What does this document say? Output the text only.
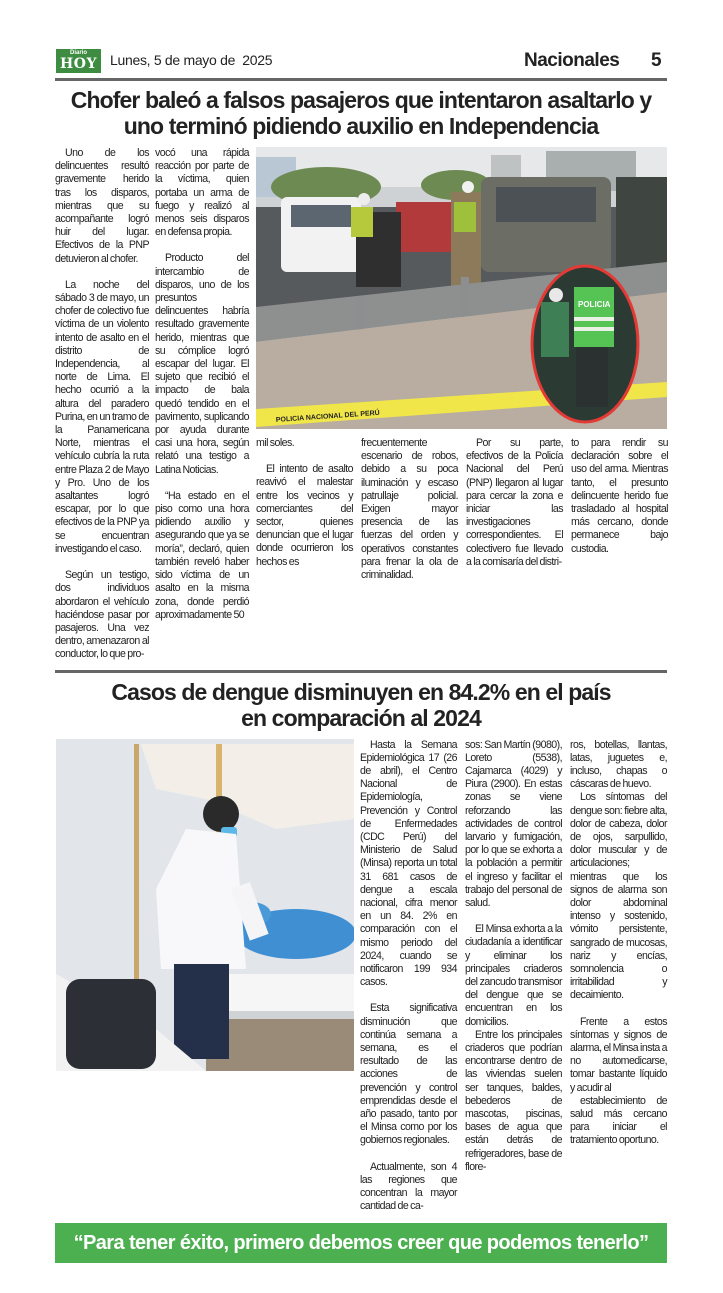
Diario
HOY Lunes, 5 de mayo de  2025	Nacionales 5
Chofer baleó a falsos pasajeros que intentaron asaltarlo y
uno terminó pidiendo auxilio en Independencia

Uno de los delincuentes resultó gravemente herido tras los disparos, mientras que su acompañante logró huir del lugar. Efectivos de la PNP detuvieron al chofer.

La noche del sábado 3 de mayo, un chofer de colectivo fue víctima de un violento intento de asalto en el distrito de Independencia, al norte de Lima. El hecho ocurrió a la altura del paradero Purina, en un tramo de la Panamericana Norte, mientras el vehículo cubría la ruta entre Plaza 2 de Mayo y Pro. Uno de los asaltantes logró escapar, por lo que efectivos de la PNP ya se encuentran investigando el caso.

Según un testigo, dos individuos abordaron el vehículo haciéndose pasar por pasajeros. Una vez dentro, amenazaron al conductor, lo que pro-

vocó una rápida reacción por parte de la víctima, quien portaba un arma de fuego y realizó al menos seis disparos en defensa propia.

Producto del intercambio de disparos, uno de los presuntos delincuentes habría resultado gravemente herido, mientras que su cómplice logró escapar del lugar. El sujeto que recibió el impacto de bala quedó tendido en el pavimento, suplicando por ayuda durante casi una hora, según relató una testigo a Latina Noticias.

“Ha estado en el piso como una hora pidiendo auxilio y asegurando que ya se moría”, declaró, quien también reveló haber sido víctima de un asalto en la misma zona, donde perdió aproximadamente 50

POLICIA NACIONAL DEL PERÚ
POLICIA

mil soles.

El intento de asalto reavivó el malestar entre los vecinos y comerciantes del sector, quienes denuncian que el lugar donde ocurrieron los hechos es

frecuentemente escenario de robos, debido a su poca iluminación y escaso patrullaje policial. Exigen mayor presencia de las fuerzas del orden y operativos constantes para frenar la ola de criminalidad.

Por su parte, efectivos de la Policía Nacional del Perú (PNP) llegaron al lugar para cercar la zona e iniciar las investigaciones correspondientes. El colectivero fue llevado a la comisaría del distri-

to para rendir su declaración sobre el uso del arma. Mientras tanto, el presunto delincuente herido fue trasladado al hospital más cercano, donde permanece bajo custodia.

Casos de dengue disminuyen en 84.2% en el país
en comparación al 2024

Hasta la Semana Epidemiológica 17 (26 de abril), el Centro Nacional de Epidemiología, Prevención y Control de Enfermedades (CDC Perú) del Ministerio de Salud (Minsa) reporta un total 31 681 casos de dengue a escala nacional, cifra menor en un 84. 2% en comparación con el mismo periodo del 2024, cuando se notificaron 199 934 casos.

Esta significativa disminución que continúa semana a semana, es el resultado de las acciones de prevención y control emprendidas desde el año pasado, tanto por el Minsa como por los gobiernos regionales.

Actualmente, son 4 las regiones que concentran la mayor cantidad de ca-

sos: San Martín (9080), Loreto (5538), Cajamarca (4029) y Piura (2900). En estas zonas se viene reforzando las actividades de control larvario y fumigación, por lo que se exhorta a la población a permitir el ingreso y facilitar el trabajo del personal de salud.

El Minsa exhorta a la ciudadanía a identificar y eliminar los principales criaderos del zancudo transmisor del dengue que se encuentran en los domicilios.

Entre los principales criaderos que podrían encontrarse dentro de las viviendas suelen ser tanques, baldes, bebederos de mascotas, piscinas, bases de agua que están detrás de refrigeradores, base de flore-

ros, botellas, llantas, latas, juguetes e, incluso, chapas o cáscaras de huevo.

Los síntomas del dengue son: fiebre alta, dolor de cabeza, dolor de ojos, sarpullido, dolor muscular y de articulaciones; mientras que los signos de alarma son dolor abdominal intenso y sostenido, vómito persistente, sangrado de mucosas, nariz y encías, somnolencia o irritabilidad y decaimiento.

Frente a estos síntomas y signos de alarma, el Minsa insta a no automedicarse, tomar bastante líquido y acudir al

establecimiento de salud más cercano para iniciar el tratamiento oportuno.

“Para tener éxito, primero debemos creer que podemos tenerlo”
